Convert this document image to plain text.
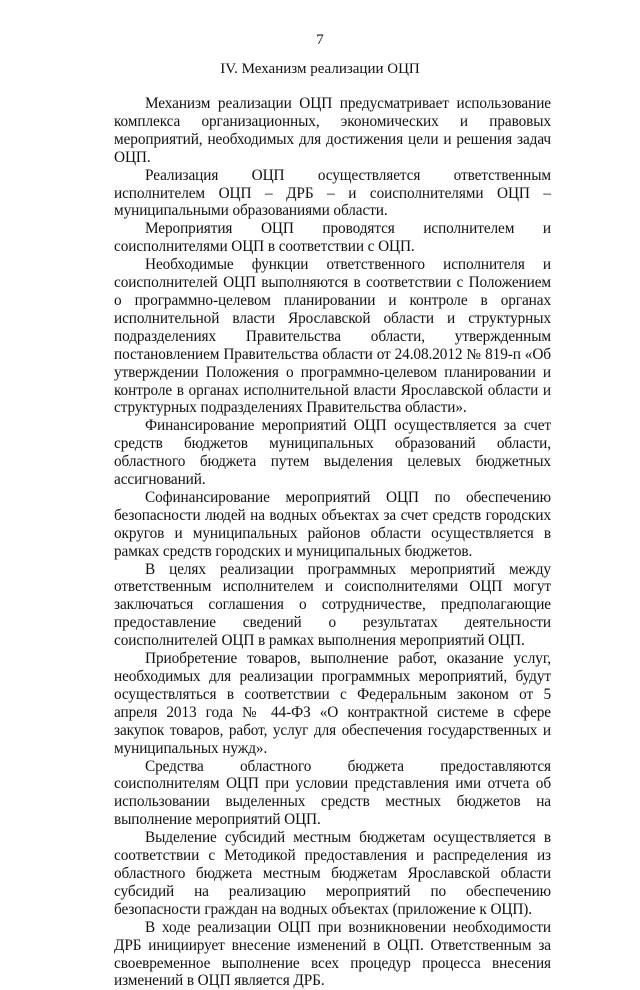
7

IV. Механизм реализации ОЦП

Механизм реализации ОЦП предусматривает использование комплекса организационных, экономических и правовых мероприятий, необходимых для достижения цели и решения задач ОЦП.

Реализация ОЦП осуществляется ответственным исполнителем ОЦП – ДРБ – и соисполнителями ОЦП – муниципальными образованиями области.

Мероприятия ОЦП проводятся исполнителем и соисполнителями ОЦП в соответствии с ОЦП.

Необходимые функции ответственного исполнителя и соисполнителей ОЦП выполняются в соответствии с Положением о программно-целевом планировании и контроле в органах исполнительной власти Ярославской области и структурных подразделениях Правительства области, утвержденным постановлением Правительства области от 24.08.2012 № 819-п «Об утверждении Положения о программно-целевом планировании и контроле в органах исполнительной власти Ярославской области и структурных подразделениях Правительства области».

Финансирование мероприятий ОЦП осуществляется за счет средств бюджетов муниципальных образований области, областного бюджета путем выделения целевых бюджетных ассигнований.

Софинансирование мероприятий ОЦП по обеспечению безопасности людей на водных объектах за счет средств городских округов и муниципальных районов области осуществляется в рамках средств городских и муниципальных бюджетов.

В целях реализации программных мероприятий между ответственным исполнителем и соисполнителями ОЦП могут заключаться соглашения о сотрудничестве, предполагающие предоставление сведений о результатах деятельности соисполнителей ОЦП в рамках выполнения мероприятий ОЦП.

Приобретение товаров, выполнение работ, оказание услуг, необходимых для реализации программных мероприятий, будут осуществляться в соответствии с Федеральным законом от 5 апреля 2013 года № 44-ФЗ «О контрактной системе в сфере закупок товаров, работ, услуг для обеспечения государственных и муниципальных нужд».

Средства областного бюджета предоставляются соисполнителям ОЦП при условии представления ими отчета об использовании выделенных средств местных бюджетов на выполнение мероприятий ОЦП.

Выделение субсидий местным бюджетам осуществляется в соответствии с Методикой предоставления и распределения из областного бюджета местным бюджетам Ярославской области субсидий на реализацию мероприятий по обеспечению безопасности граждан на водных объектах (приложение к ОЦП).

В ходе реализации ОЦП при возникновении необходимости ДРБ инициирует внесение изменений в ОЦП. Ответственным за своевременное выполнение всех процедур процесса внесения изменений в ОЦП является ДРБ.
